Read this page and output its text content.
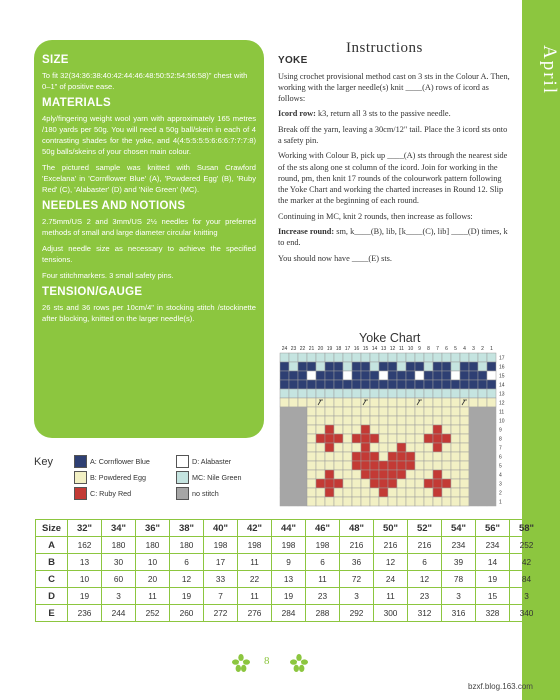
April
SIZE

To fit 32(34:36:38:40:42:44:46:48:50:52:54:56:58)" chest with 0–1" of positive ease.

MATERIALS

4ply/fingering weight wool yarn with approximately 165 metres /180 yards per 50g. You will need a 50g ball/skein in each of 4 contrasting shades for the yoke, and 4(4:5:5:5:5:6:6:6:7:7:7:8) 50g balls/skeins of your chosen main colour.

The pictured sample was knitted with Susan Crawford 'Excelana' in 'Cornflower Blue' (A), 'Powdered Egg' (B), 'Ruby Red' (C), 'Alabaster' (D) and 'Nile Green' (MC).

NEEDLES AND NOTIONS

2.75mm/US 2 and 3mm/US 2½ needles for your preferred methods of small and large diameter circular knitting

Adjust needle size as necessary to achieve the specified tensions.

Four stitchmarkers. 3 small safety pins.

TENSION/GAUGE

26 sts and 36 rows per 10cm/4" in stocking stitch /stockinette after blocking, knitted on the larger needle(s).

Instructions
YOKE

Using crochet provisional method cast on 3 sts in the Colour A. Then, working with the larger needle(s) knit ____(A) rows of icord as follows:

Icord row: k3, return all 3 sts to the passive needle.

Break off the yarn, leaving a 30cm/12" tail. Place the 3 icord sts onto a safety pin.

Working with Colour B, pick up ____(A) sts through the nearest side of the sts along one st column of the icord. Join for working in the round, pm, then knit 17 rounds of the colourwork pattern following the Yoke Chart and working the charted increases in Round 12. Slip the marker at the beginning of each round.

Continuing in MC, knit 2 rounds, then increase as follows:

Increase round: sm, k____(B), lib, [k____(C), lib] ____(D) times, k to end.

You should now have ____(E) sts.

Yoke Chart
24 23 22 21 20 19 18 17 16 15 14 13 12 11 10 9 8 7 6 5 4 3 2 1
17
16
15
14
13
12
11
10
9
8
7
6
5
4
3
2
1
Key	A: Cornflower Blue	D: Alabaster
B: Powdered Egg	MC: Nile Green
C: Ruby Red	no stitch
Size	32"	34"	36"	38"	40"	42"	44"	46"	48"	50"	52"	54"	56"	58"
A	162	180	180	180	198	198	198	198	216	216	216	234	234	252
B	13	30	10	6	17	11	9	6	36	12	6	39	14	42
C	10	60	20	12	33	22	13	11	72	24	12	78	19	84
D	19	3	11	19	7	11	19	23	3	11	23	3	15	3
E	236	244	252	260	272	276	284	288	292	300	312	316	328	340
8
bzxf.blog.163.com
